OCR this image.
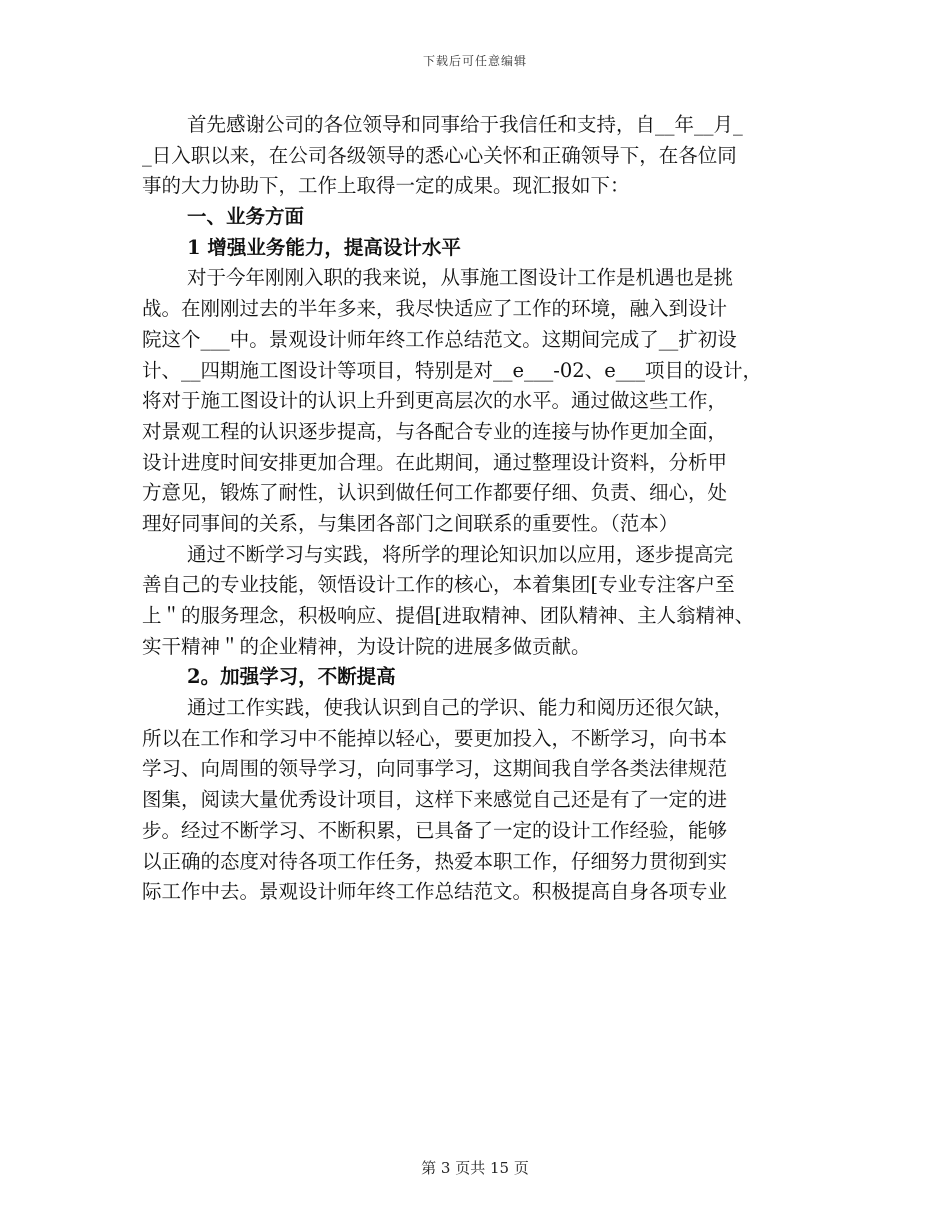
下载后可任意编辑
首先感谢公司的各位领导和同事给于我信任和支持，自__年__月_
_日入职以来，在公司各级领导的悉心心关怀和正确领导下，在各位同
事的大力协助下，工作上取得一定的成果。现汇报如下：
一、业务方面
1 增强业务能力，提高设计水平
对于今年刚刚入职的我来说，从事施工图设计工作是机遇也是挑
战。在刚刚过去的半年多来，我尽快适应了工作的环境，融入到设计
院这个___中。景观设计师年终工作总结范文。这期间完成了__扩初设
计、__四期施工图设计等项目，特别是对__e___-02、e___项目的设计，
将对于施工图设计的认识上升到更高层次的水平。通过做这些工作，
对景观工程的认识逐步提高，与各配合专业的连接与协作更加全面，
设计进度时间安排更加合理。在此期间，通过整理设计资料，分析甲
方意见，锻炼了耐性，认识到做任何工作都要仔细、负责、细心，处
理好同事间的关系，与集团各部门之间联系的重要性。（范本）
通过不断学习与实践，将所学的理论知识加以应用，逐步提高完
善自己的专业技能，领悟设计工作的核心，本着集团[专业专注客户至
上＂的服务理念，积极响应、提倡[进取精神、团队精神、主人翁精神、
实干精神＂的企业精神，为设计院的进展多做贡献。
2。加强学习，不断提高
通过工作实践，使我认识到自己的学识、能力和阅历还很欠缺，
所以在工作和学习中不能掉以轻心，要更加投入，不断学习，向书本
学习、向周围的领导学习，向同事学习，这期间我自学各类法律规范
图集，阅读大量优秀设计项目，这样下来感觉自己还是有了一定的进
步。经过不断学习、不断积累，已具备了一定的设计工作经验，能够
以正确的态度对待各项工作任务，热爱本职工作，仔细努力贯彻到实
际工作中去。景观设计师年终工作总结范文。积极提高自身各项专业
第 3 页共 15 页
